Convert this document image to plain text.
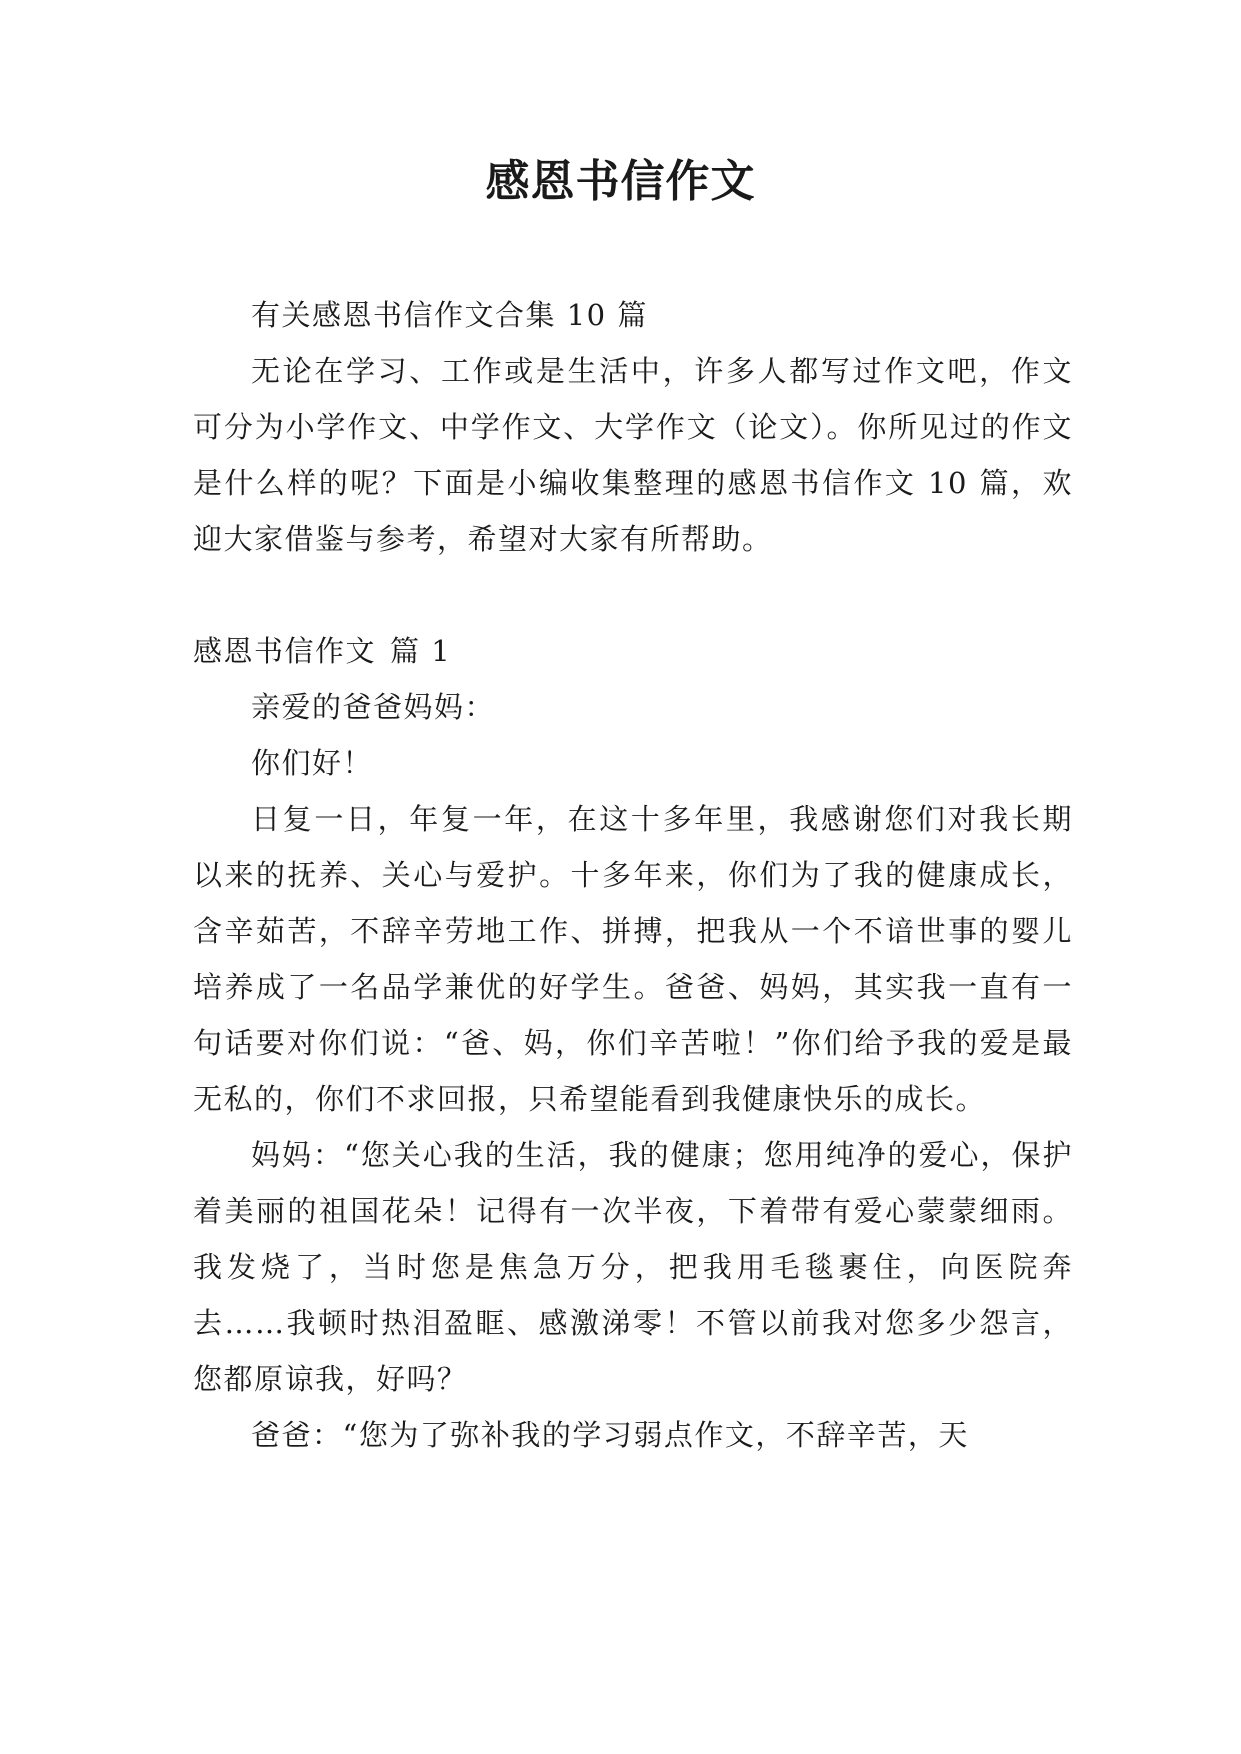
感恩书信作文

有关感恩书信作文合集 10 篇

无论在学习、工作或是生活中，许多人都写过作文吧，作文可分为小学作文、中学作文、大学作文（论文）。你所见过的作文是什么样的呢？下面是小编收集整理的感恩书信作文 10 篇，欢迎大家借鉴与参考，希望对大家有所帮助。

感恩书信作文 篇 1

亲爱的爸爸妈妈：

你们好！

日复一日，年复一年，在这十多年里，我感谢您们对我长期以来的抚养、关心与爱护。十多年来，你们为了我的健康成长，含辛茹苦，不辞辛劳地工作、拼搏，把我从一个不谙世事的婴儿培养成了一名品学兼优的好学生。爸爸、妈妈，其实我一直有一句话要对你们说：“爸、妈，你们辛苦啦！”你们给予我的爱是最无私的，你们不求回报，只希望能看到我健康快乐的成长。

妈妈：“您关心我的生活，我的健康；您用纯净的爱心，保护着美丽的祖国花朵！记得有一次半夜，下着带有爱心蒙蒙细雨。我发烧了，当时您是焦急万分，把我用毛毯裹住，向医院奔去……我顿时热泪盈眶、感激涕零！不管以前我对您多少怨言，您都原谅我，好吗？

爸爸：“您为了弥补我的学习弱点作文，不辞辛苦，天
